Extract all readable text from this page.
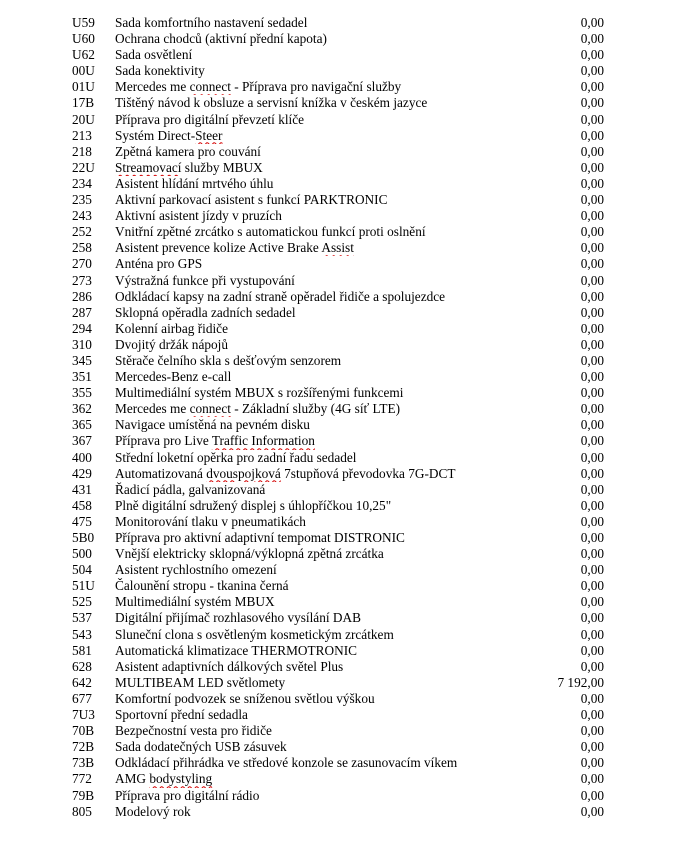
U59	Sada komfortního nastavení sedadel	0,00
U60	Ochrana chodců (aktivní přední kapota)	0,00
U62	Sada osvětlení	0,00
00U	Sada konektivity	0,00
01U	Mercedes me connect - Příprava pro navigační služby	0,00
17B	Tištěný návod k obsluze a servisní knížka v českém jazyce	0,00
20U	Příprava pro digitální převzetí klíče	0,00
213	Systém Direct-Steer	0,00
218	Zpětná kamera pro couvání	0,00
22U	Streamovací služby MBUX	0,00
234	Asistent hlídání mrtvého úhlu	0,00
235	Aktivní parkovací asistent s funkcí PARKTRONIC	0,00
243	Aktivní asistent jízdy v pruzích	0,00
252	Vnitřní zpětné zrcátko s automatickou funkcí proti oslnění	0,00
258	Asistent prevence kolize Active Brake Assist	0,00
270	Anténa pro GPS	0,00
273	Výstražná funkce při vystupování	0,00
286	Odkládací kapsy na zadní straně opěradel řidiče a spolujezdce	0,00
287	Sklopná opěradla zadních sedadel	0,00
294	Kolenní airbag řidiče	0,00
310	Dvojitý držák nápojů	0,00
345	Stěrače čelního skla s dešťovým senzorem	0,00
351	Mercedes-Benz e-call	0,00
355	Multimediální systém MBUX s rozšířenými funkcemi	0,00
362	Mercedes me connect - Základní služby (4G síť LTE)	0,00
365	Navigace umístěná na pevném disku	0,00
367	Příprava pro Live Traffic Information	0,00
400	Střední loketní opěrka pro zadní řadu sedadel	0,00
429	Automatizovaná dvouspojková 7stupňová převodovka 7G-DCT	0,00
431	Řadicí pádla, galvanizovaná	0,00
458	Plně digitální sdružený displej s úhlopříčkou 10,25"	0,00
475	Monitorování tlaku v pneumatikách	0,00
5B0	Příprava pro aktivní adaptivní tempomat DISTRONIC	0,00
500	Vnější elektricky sklopná/výklopná zpětná zrcátka	0,00
504	Asistent rychlostního omezení	0,00
51U	Čalounění stropu - tkanina černá	0,00
525	Multimediální systém MBUX	0,00
537	Digitální přijímač rozhlasového vysílání DAB	0,00
543	Sluneční clona s osvětleným kosmetickým zrcátkem	0,00
581	Automatická klimatizace THERMOTRONIC	0,00
628	Asistent adaptivních dálkových světel Plus	0,00
642	MULTIBEAM LED světlomety	7 192,00
677	Komfortní podvozek se sníženou světlou výškou	0,00
7U3	Sportovní přední sedadla	0,00
70B	Bezpečnostní vesta pro řidiče	0,00
72B	Sada dodatečných USB zásuvek	0,00
73B	Odkládací přihrádka ve středové konzole se zasunovacím víkem	0,00
772	AMG bodystyling	0,00
79B	Příprava pro digitální rádio	0,00
805	Modelový rok	0,00
